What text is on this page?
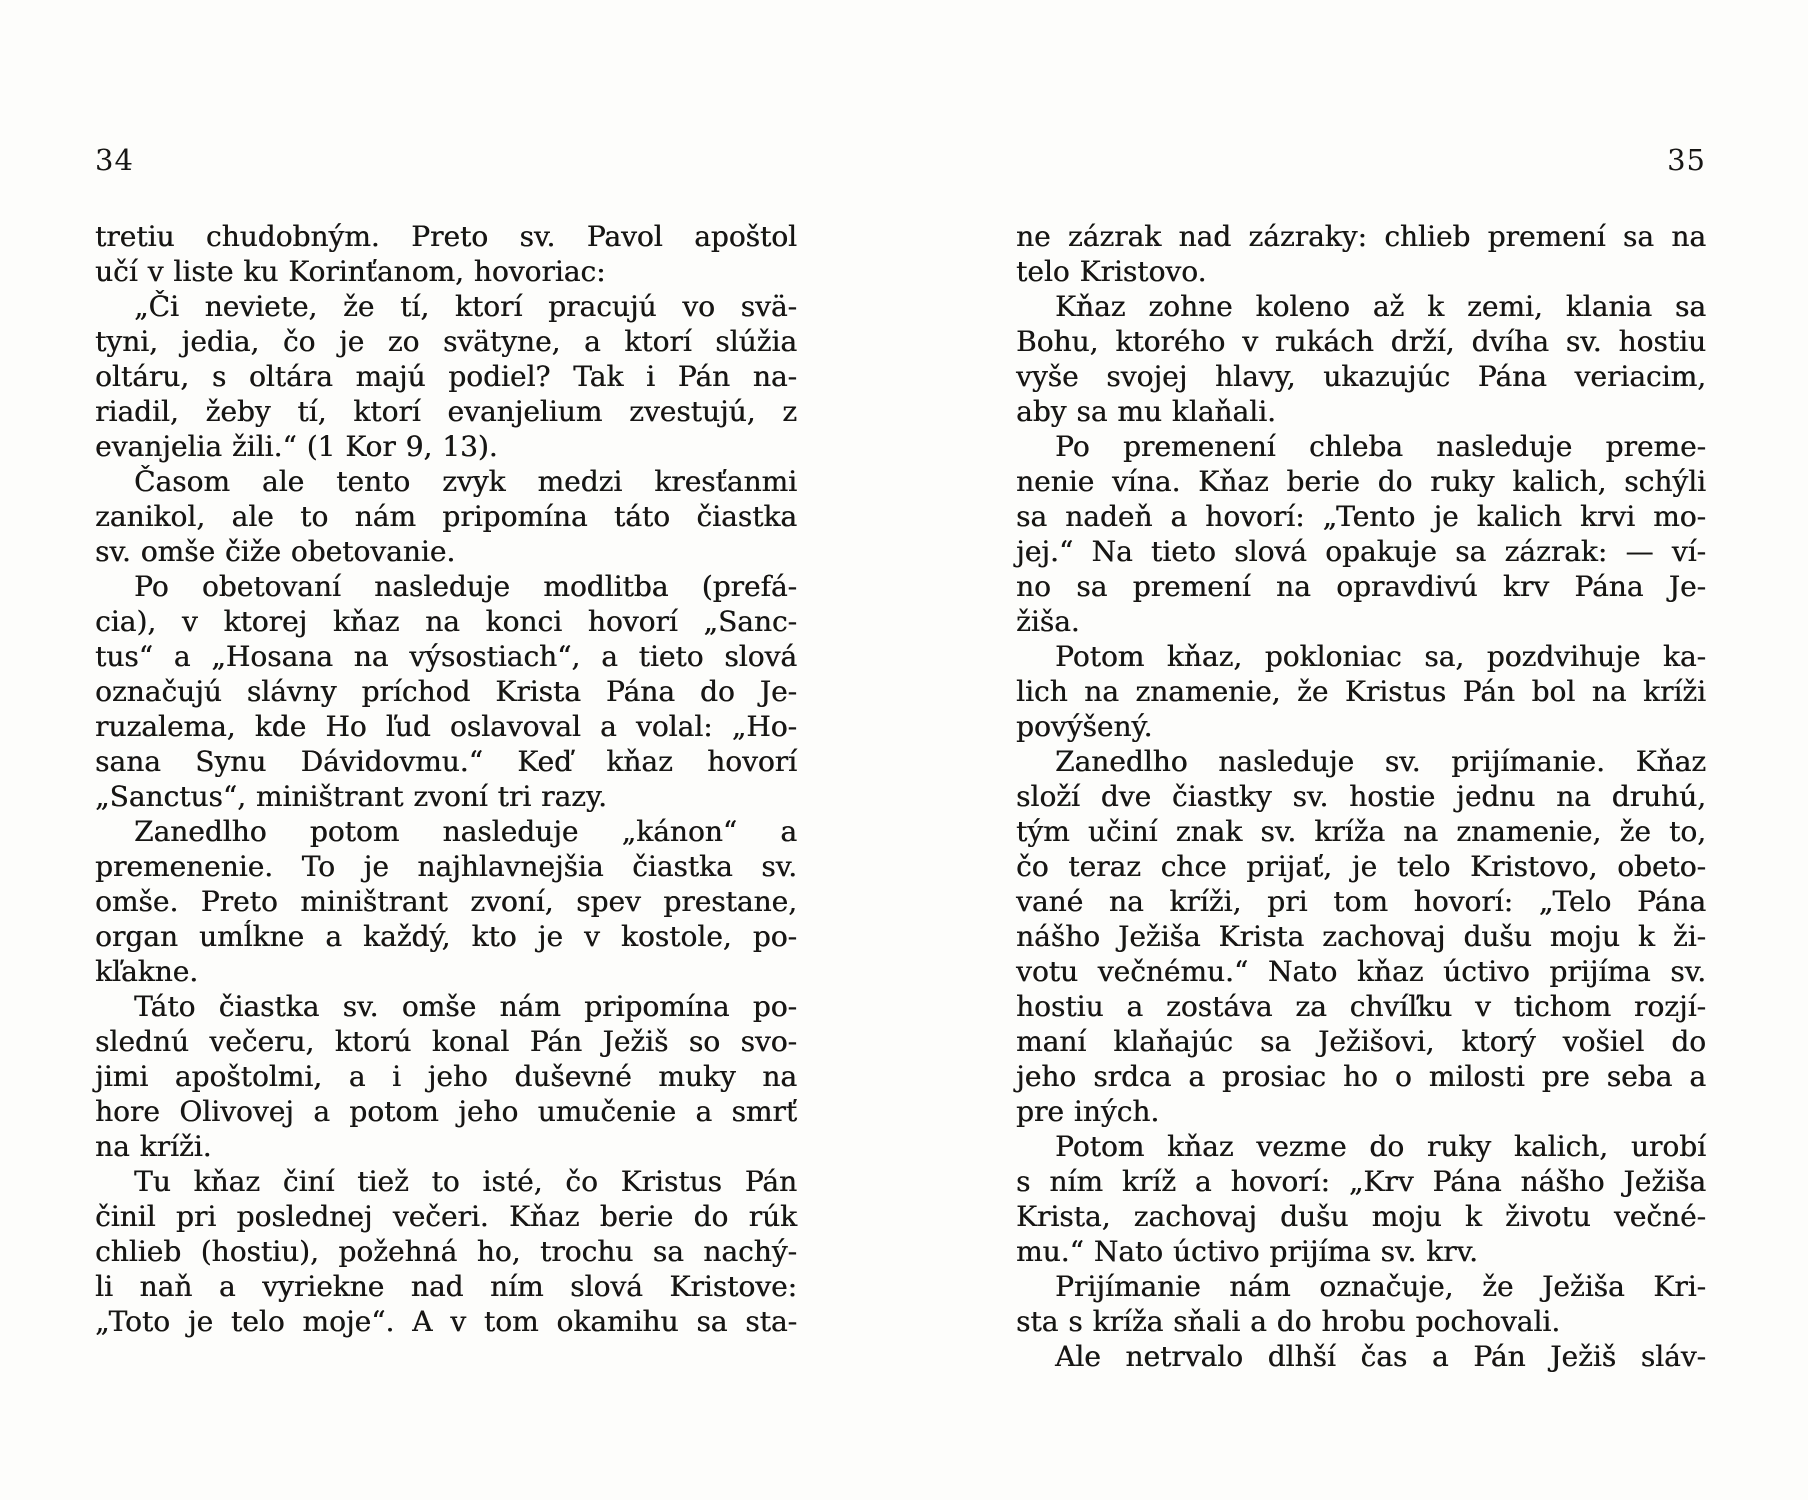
34
tretiu chudobným. Preto sv. Pavol apoštol
učí v liste ku Korinťanom, hovoriac:
„Či neviete, že tí, ktorí pracujú vo svä-
tyni, jedia, čo je zo svätyne, a ktorí slúžia
oltáru, s oltára majú podiel? Tak i Pán na-
riadil, žeby tí, ktorí evanjelium zvestujú, z
evanjelia žili.“ (1 Kor 9, 13).
Časom ale tento zvyk medzi kresťanmi
zanikol, ale to nám pripomína táto čiastka
sv. omše čiže obetovanie.
Po obetovaní nasleduje modlitba (prefá-
cia), v ktorej kňaz na konci hovorí „Sanc-
tus“ a „Hosana na výsostiach“, a tieto slová
označujú slávny príchod Krista Pána do Je-
ruzalema, kde Ho ľud oslavoval a volal: „Ho-
sana Synu Dávidovmu.“ Keď kňaz hovorí
„Sanctus“, miništrant zvoní tri razy.
Zanedlho potom nasleduje „kánon“ a
premenenie. To je najhlavnejšia čiastka sv.
omše. Preto miništrant zvoní, spev prestane,
organ umĺkne a každý, kto je v kostole, po-
kľakne.
Táto čiastka sv. omše nám pripomína po-
slednú večeru, ktorú konal Pán Ježiš so svo-
jimi apoštolmi, a i jeho duševné muky na
hore Olivovej a potom jeho umučenie a smrť
na kríži.
Tu kňaz činí tiež to isté, čo Kristus Pán
činil pri poslednej večeri. Kňaz berie do rúk
chlieb (hostiu), požehná ho, trochu sa nachý-
li naň a vyriekne nad ním slová Kristove:
„Toto je telo moje“. A v tom okamihu sa sta-
35
ne zázrak nad zázraky: chlieb premení sa na
telo Kristovo.
Kňaz zohne koleno až k zemi, klania sa
Bohu, ktorého v rukách drží, dvíha sv. hostiu
vyše svojej hlavy, ukazujúc Pána veriacim,
aby sa mu klaňali.
Po premenení chleba nasleduje preme-
nenie vína. Kňaz berie do ruky kalich, schýli
sa nadeň a hovorí: „Tento je kalich krvi mo-
jej.“ Na tieto slová opakuje sa zázrak: — ví-
no sa premení na opravdivú krv Pána Je-
žiša.
Potom kňaz, pokloniac sa, pozdvihuje ka-
lich na znamenie, že Kristus Pán bol na kríži
povýšený.
Zanedlho nasleduje sv. prijímanie. Kňaz
složí dve čiastky sv. hostie jednu na druhú,
tým učiní znak sv. kríža na znamenie, že to,
čo teraz chce prijať, je telo Kristovo, obeto-
vané na kríži, pri tom hovorí: „Telo Pána
nášho Ježiša Krista zachovaj dušu moju k ži-
votu večnému.“ Nato kňaz úctivo prijíma sv.
hostiu a zostáva za chvíľku v tichom rozjí-
maní klaňajúc sa Ježišovi, ktorý vošiel do
jeho srdca a prosiac ho o milosti pre seba a
pre iných.
Potom kňaz vezme do ruky kalich, urobí
s ním kríž a hovorí: „Krv Pána nášho Ježiša
Krista, zachovaj dušu moju k životu večné-
mu.“ Nato úctivo prijíma sv. krv.
Prijímanie nám označuje, že Ježiša Kri-
sta s kríža sňali a do hrobu pochovali.
Ale netrvalo dlhší čas a Pán Ježiš sláv-
